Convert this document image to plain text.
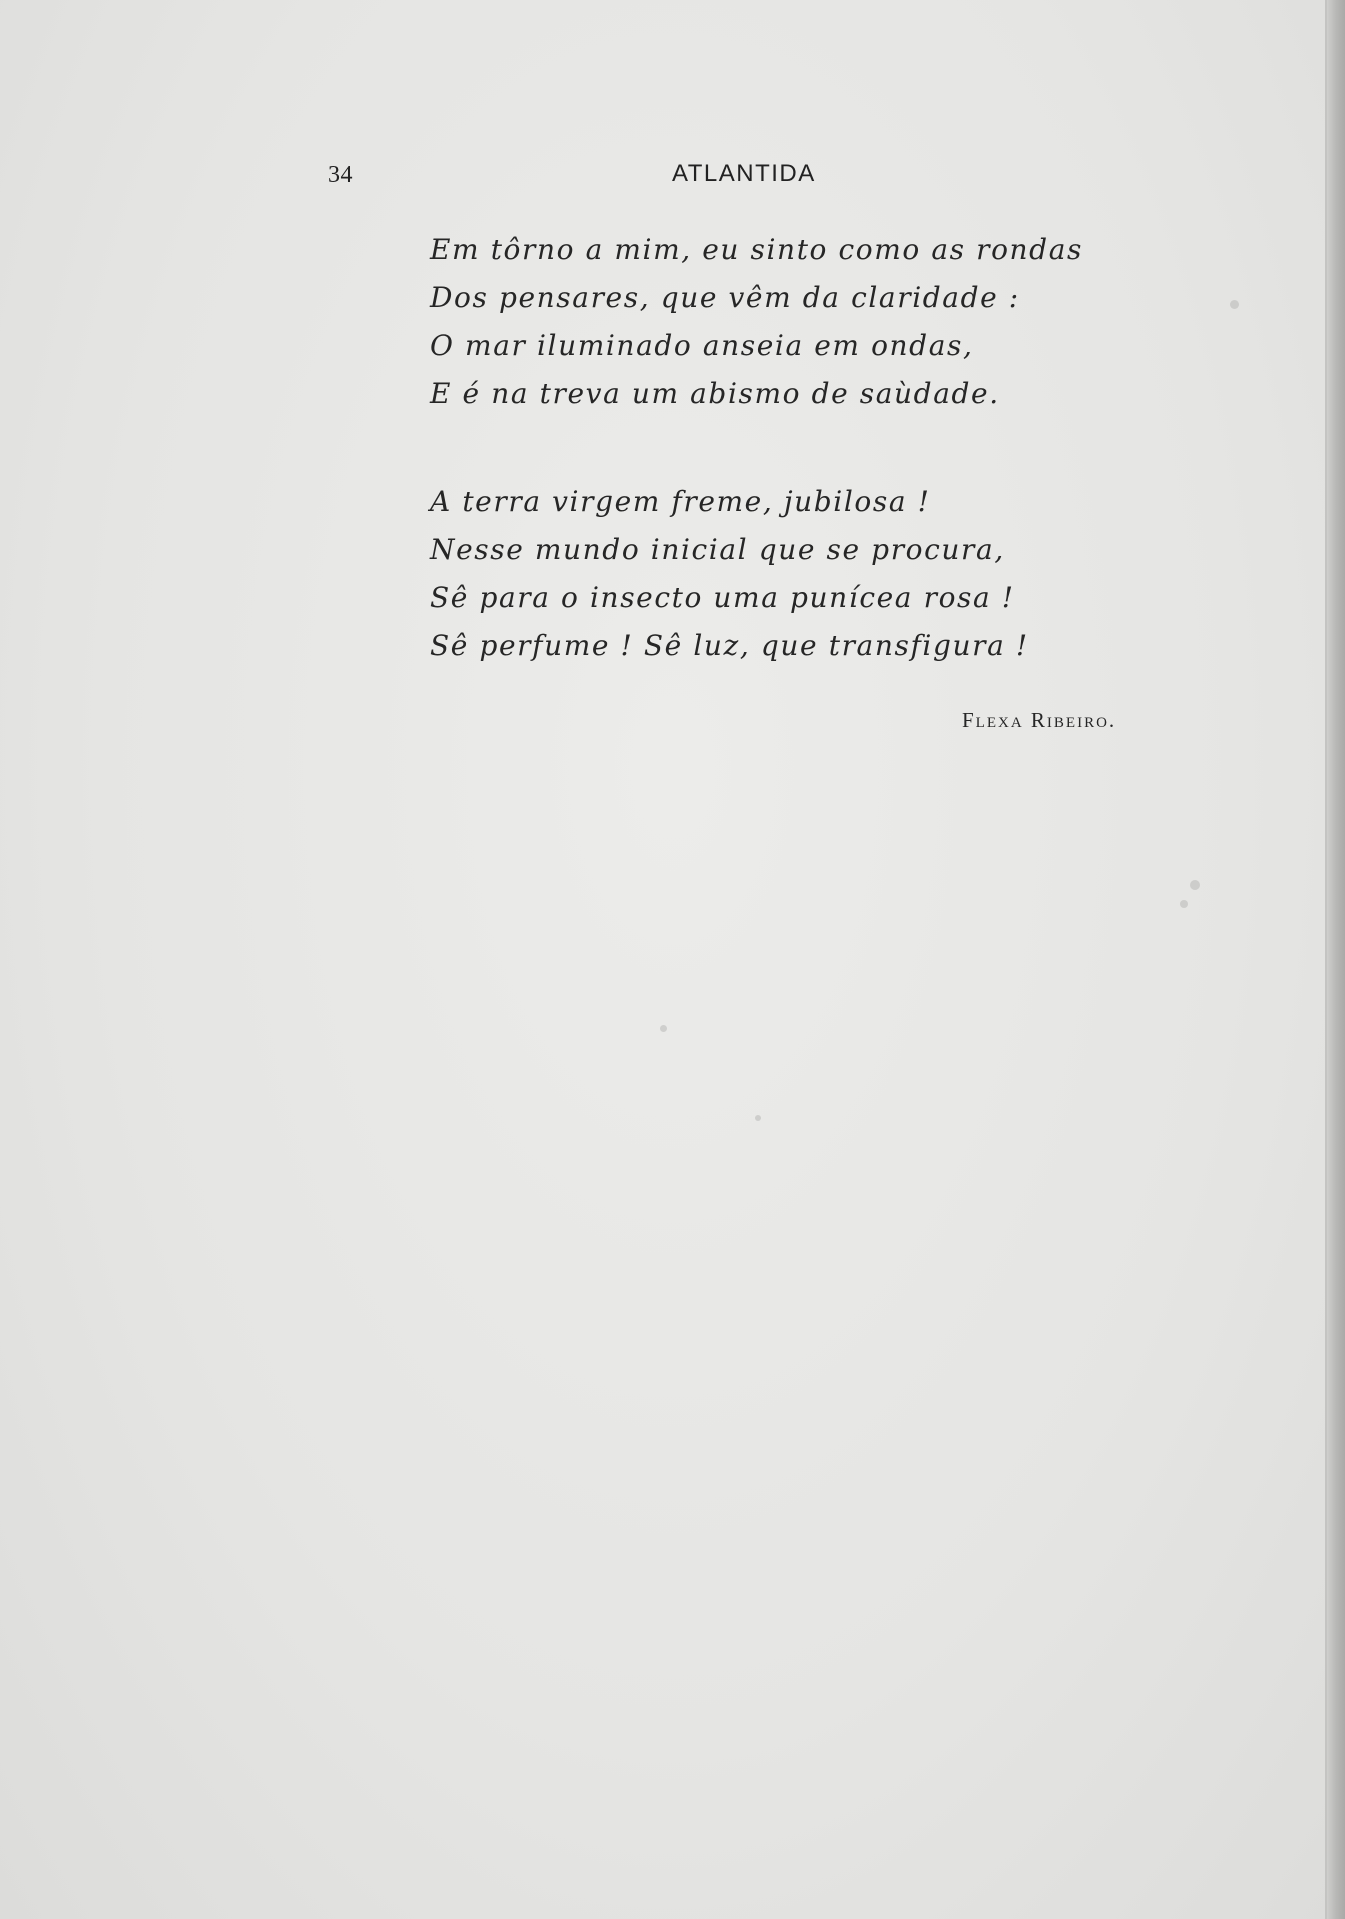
34	ATLANTIDA
Em tôrno a mim, eu sinto como as rondas
Dos pensares, que vêm da claridade :
O mar iluminado anseia em ondas,
E é na treva um abismo de saùdade.
A terra virgem freme, jubilosa !
Nesse mundo inicial que se procura,
Sê para o insecto uma punícea rosa !
Sê perfume ! Sê luz, que transfigura !
Flexa Ribeiro.
